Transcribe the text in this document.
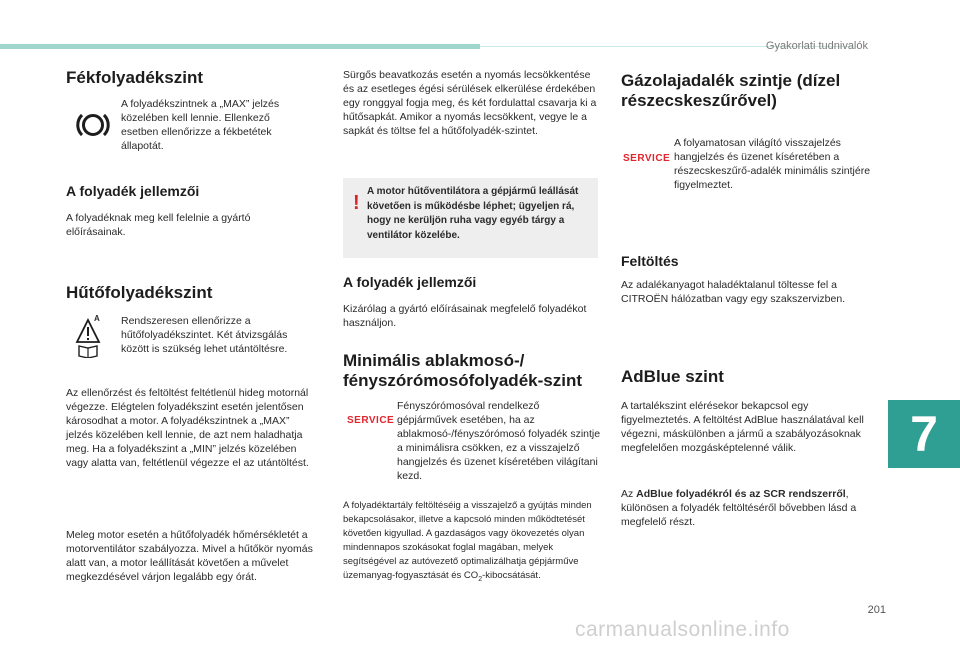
Gyakorlati tudnivalók
Fékfolyadékszint

A folyadékszintnek a „MAX” jelzés közelében kell lennie. Ellenkező esetben ellenőrizze a fékbetétek állapotát.

A folyadék jellemzői

A folyadéknak meg kell felelnie a gyártó előírásainak.

Hűtőfolyadékszint
A Rendszeresen ellenőrizze a hűtőfolyadékszintet. Két átvizsgálás között is szükség lehet utántöltésre.

Az ellenőrzést és feltöltést feltétlenül hideg motornál végezze. Elégtelen folyadékszint esetén jelentősen károsodhat a motor. A folyadékszintnek a „MAX” jelzés közelében kell lennie, de azt nem haladhatja meg. Ha a folyadékszint a „MIN” jelzés közelében vagy alatta van, feltétlenül végezze el az utántöltést.

Meleg motor esetén a hűtőfolyadék hőmérsékletét a motorventilátor szabályozza. Mivel a hűtőkör nyomás alatt van, a motor leállítását követően a művelet megkezdésével várjon legalább egy órát.

Sürgős beavatkozás esetén a nyomás lecsökkentése és az esetleges égési sérülések elkerülése érdekében egy ronggyal fogja meg, és két fordulattal csavarja ki a hűtősapkát. Amikor a nyomás lecsökkent, vegye le a sapkát és töltse fel a hűtőfolyadék-szintet.

!
A motor hűtőventilátora a gépjármű leállását követően is működésbe léphet; ügyeljen rá, hogy ne kerüljön ruha vagy egyéb tárgy a ventilátor közelébe.
A folyadék jellemzői

Kizárólag a gyártó előírásainak megfelelő folyadékot használjon.

Minimális ablakmosó-/ fényszórómosófolyadék-szint
SERVICE

Fényszórómosóval rendelkező gépjárművek esetében, ha az ablakmosó-/fényszórómosó folyadék szintje a minimálisra csökken, ez a visszajelző hangjelzés és üzenet kíséretében világítani kezd.

A folyadéktartály feltöltéséig a visszajelző a gyújtás minden bekapcsolásakor, illetve a kapcsoló minden működtetését követően kigyullad. A gazdaságos vagy ökovezetés olyan mindennapos szokásokat foglal magában, melyek segítségével az autóvezető optimalizálhatja gépjárműve üzemanyag-fogyasztását és $CO_2$-kibocsátását.

Gázolajadalék szintje (dízel részecskeszűrővel)
SERVICE

A folyamatosan világító visszajelzés hangjelzés és üzenet kíséretében a részecskeszűrő-adalék minimális szintjére figyelmeztet.

Feltöltés

Az adalékanyagot haladéktalanul töltesse fel a CITROËN hálózatban vagy egy szakszervizben.

AdBlue szint

A tartalékszint elérésekor bekapcsol egy figyelmeztetés. A feltöltést AdBlue használatával kell végezni, máskülönben a jármű a szabályozásoknak megfelelően mozgásképtelenné válik.

Az AdBlue folyadékról és az SCR rendszerről, különösen a folyadék feltöltéséről bővebben lásd a megfelelő részt.

7
201
carmanualsonline.info
